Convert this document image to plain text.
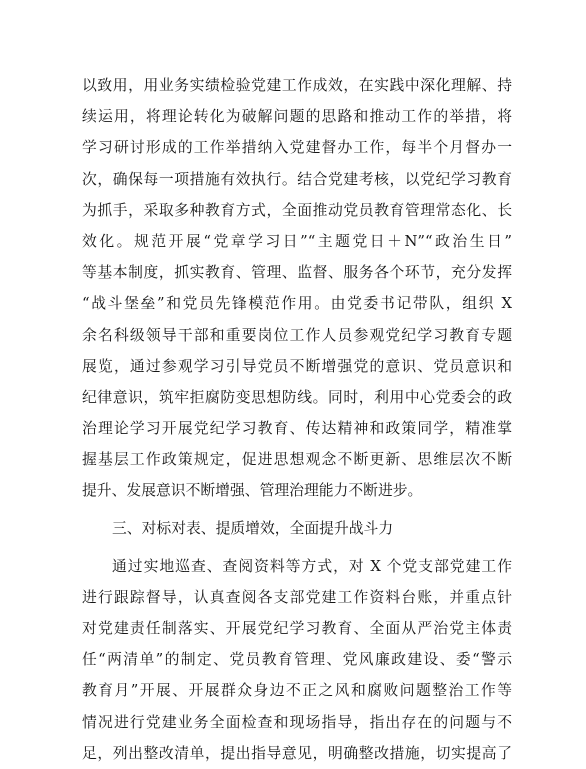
以致用，用业务实绩检验党建工作成效，在实践中深化理解、持
续运用，将理论转化为破解问题的思路和推动工作的举措，将
学习研讨形成的工作举措纳入党建督办工作，每半个月督办一
次，确保每一项措施有效执行。结合党建考核，以党纪学习教育
为抓手，采取多种教育方式，全面推动党员教育管理常态化、长
效化。规范开展“党章学习日”“主题党日＋N”“政治生日”
等基本制度，抓实教育、管理、监督、服务各个环节，充分发挥
“战斗堡垒”和党员先锋模范作用。由党委书记带队，组织 X
余名科级领导干部和重要岗位工作人员参观党纪学习教育专题
展览，通过参观学习引导党员不断增强党的意识、党员意识和
纪律意识，筑牢拒腐防变思想防线。同时，利用中心党委会的政
治理论学习开展党纪学习教育、传达精神和政策同学，精准掌
握基层工作政策规定，促进思想观念不断更新、思维层次不断
提升、发展意识不断增强、管理治理能力不断进步。
三、对标对表、提质增效，全面提升战斗力
通过实地巡查、查阅资料等方式，对 X 个党支部党建工作
进行跟踪督导，认真查阅各支部党建工作资料台账，并重点针
对党建责任制落实、开展党纪学习教育、全面从严治党主体责
任“两清单”的制定、党员教育管理、党风廉政建设、委“警示
教育月”开展、开展群众身边不正之风和腐败问题整治工作等
情况进行党建业务全面检查和现场指导，指出存在的问题与不
足，列出整改清单，提出指导意见，明确整改措施，切实提高了
